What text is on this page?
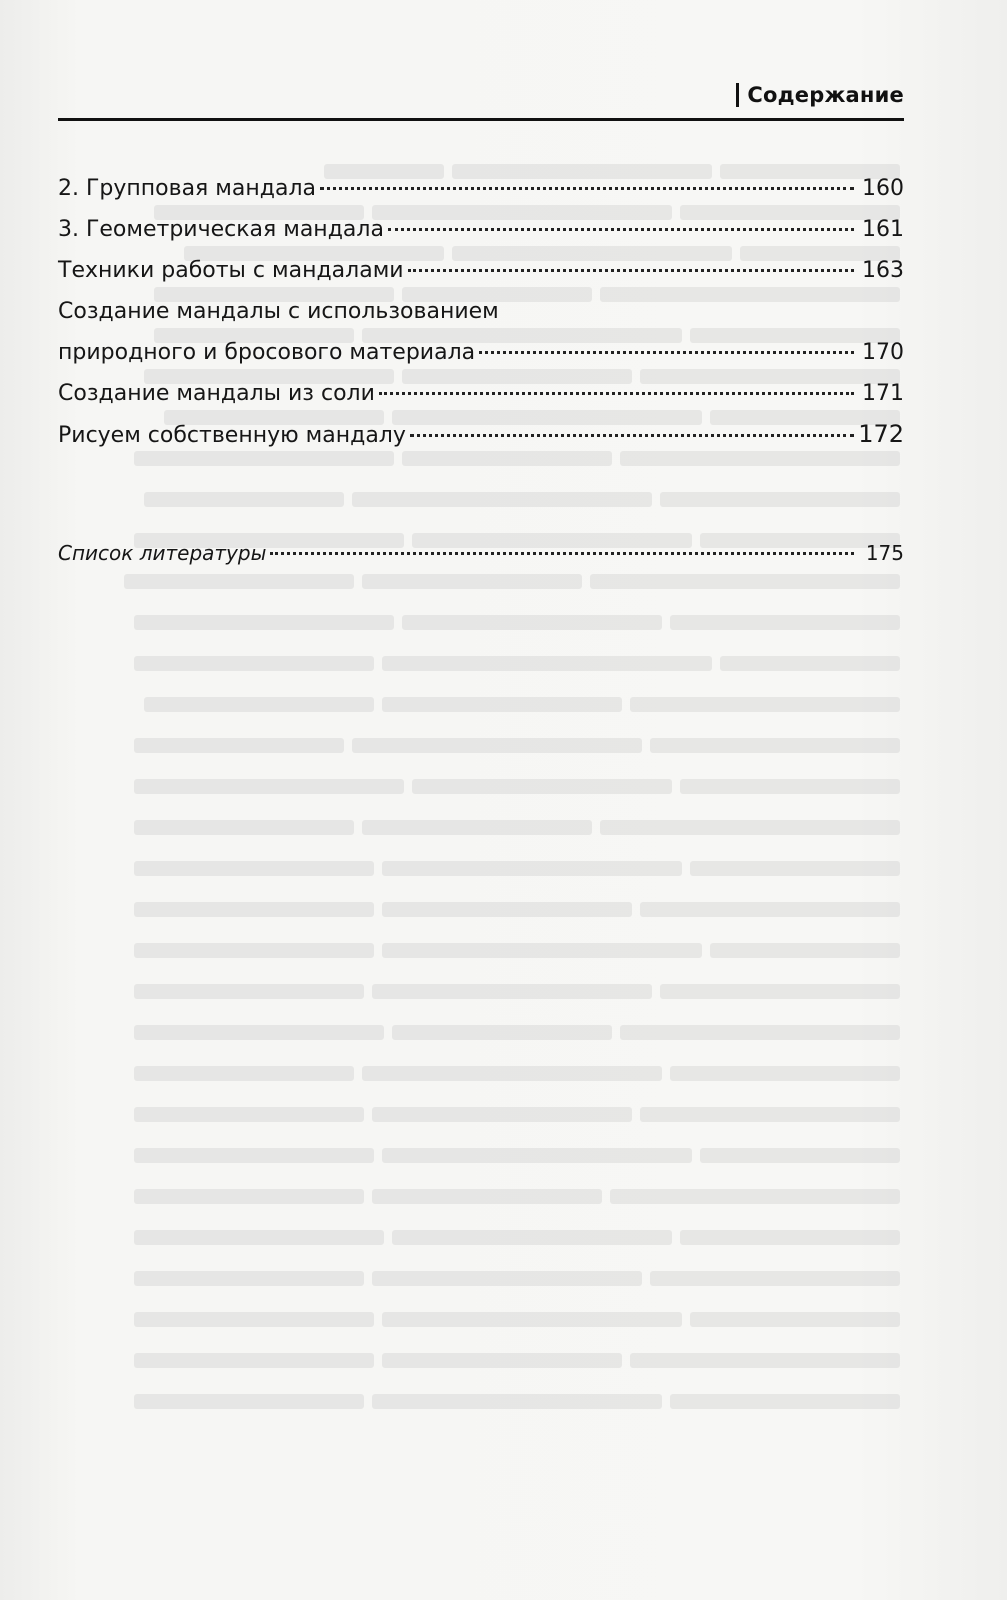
Содержание
2. Групповая мандала	160
3. Геометрическая мандала	161
Техники работы с мандалами	163
Создание мандалы с использованием
природного и бросового материала	170
Создание мандалы из соли	171
Рисуем собственную мандалу	172
Список литературы	175
